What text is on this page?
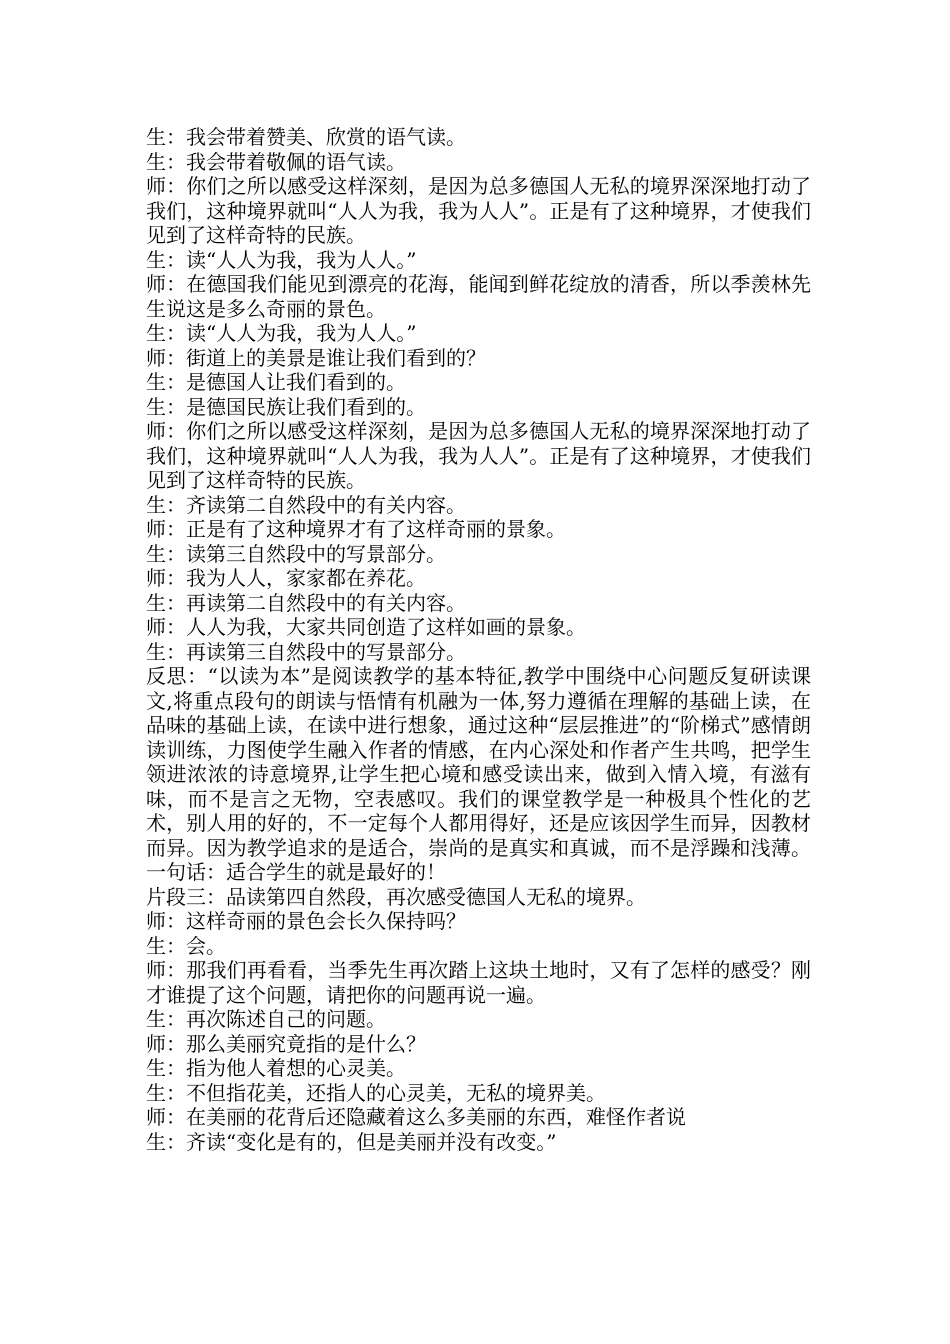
生：我会带着赞美、欣赏的语气读。

生：我会带着敬佩的语气读。

师：你们之所以感受这样深刻，是因为总多德国人无私的境界深深地打动了我们，这种境界就叫“人人为我，我为人人”。正是有了这种境界，才使我们见到了这样奇特的民族。

生：读“人人为我，我为人人。”

师：在德国我们能见到漂亮的花海，能闻到鲜花绽放的清香，所以季羡林先生说这是多么奇丽的景色。

生：读“人人为我，我为人人。”

师：街道上的美景是谁让我们看到的？

生：是德国人让我们看到的。

生：是德国民族让我们看到的。

师：你们之所以感受这样深刻，是因为总多德国人无私的境界深深地打动了我们，这种境界就叫“人人为我，我为人人”。正是有了这种境界，才使我们见到了这样奇特的民族。

生：齐读第二自然段中的有关内容。

师：正是有了这种境界才有了这样奇丽的景象。

生：读第三自然段中的写景部分。

师：我为人人，家家都在养花。

生：再读第二自然段中的有关内容。

师：人人为我，大家共同创造了这样如画的景象。

生：再读第三自然段中的写景部分。

反思：“以读为本”是阅读教学的基本特征,教学中围绕中心问题反复研读课文,将重点段句的朗读与悟情有机融为一体,努力遵循在理解的基础上读，在品味的基础上读，在读中进行想象，通过这种“层层推进”的“阶梯式”感情朗读训练，力图使学生融入作者的情感，在内心深处和作者产生共鸣，把学生领进浓浓的诗意境界,让学生把心境和感受读出来，做到入情入境，有滋有味，而不是言之无物，空表感叹。我们的课堂教学是一种极具个性化的艺术，别人用的好的，不一定每个人都用得好，还是应该因学生而异，因教材而异。因为教学追求的是适合，崇尚的是真实和真诚，而不是浮躁和浅薄。一句话：适合学生的就是最好的！

片段三：品读第四自然段，再次感受德国人无私的境界。

师：这样奇丽的景色会长久保持吗？

生：会。

师：那我们再看看，当季先生再次踏上这块土地时，又有了怎样的感受？刚才谁提了这个问题，请把你的问题再说一遍。

生：再次陈述自己的问题。

师：那么美丽究竟指的是什么？

生：指为他人着想的心灵美。

生：不但指花美，还指人的心灵美，无私的境界美。

师：在美丽的花背后还隐藏着这么多美丽的东西，难怪作者说

生：齐读“变化是有的，但是美丽并没有改变。”
